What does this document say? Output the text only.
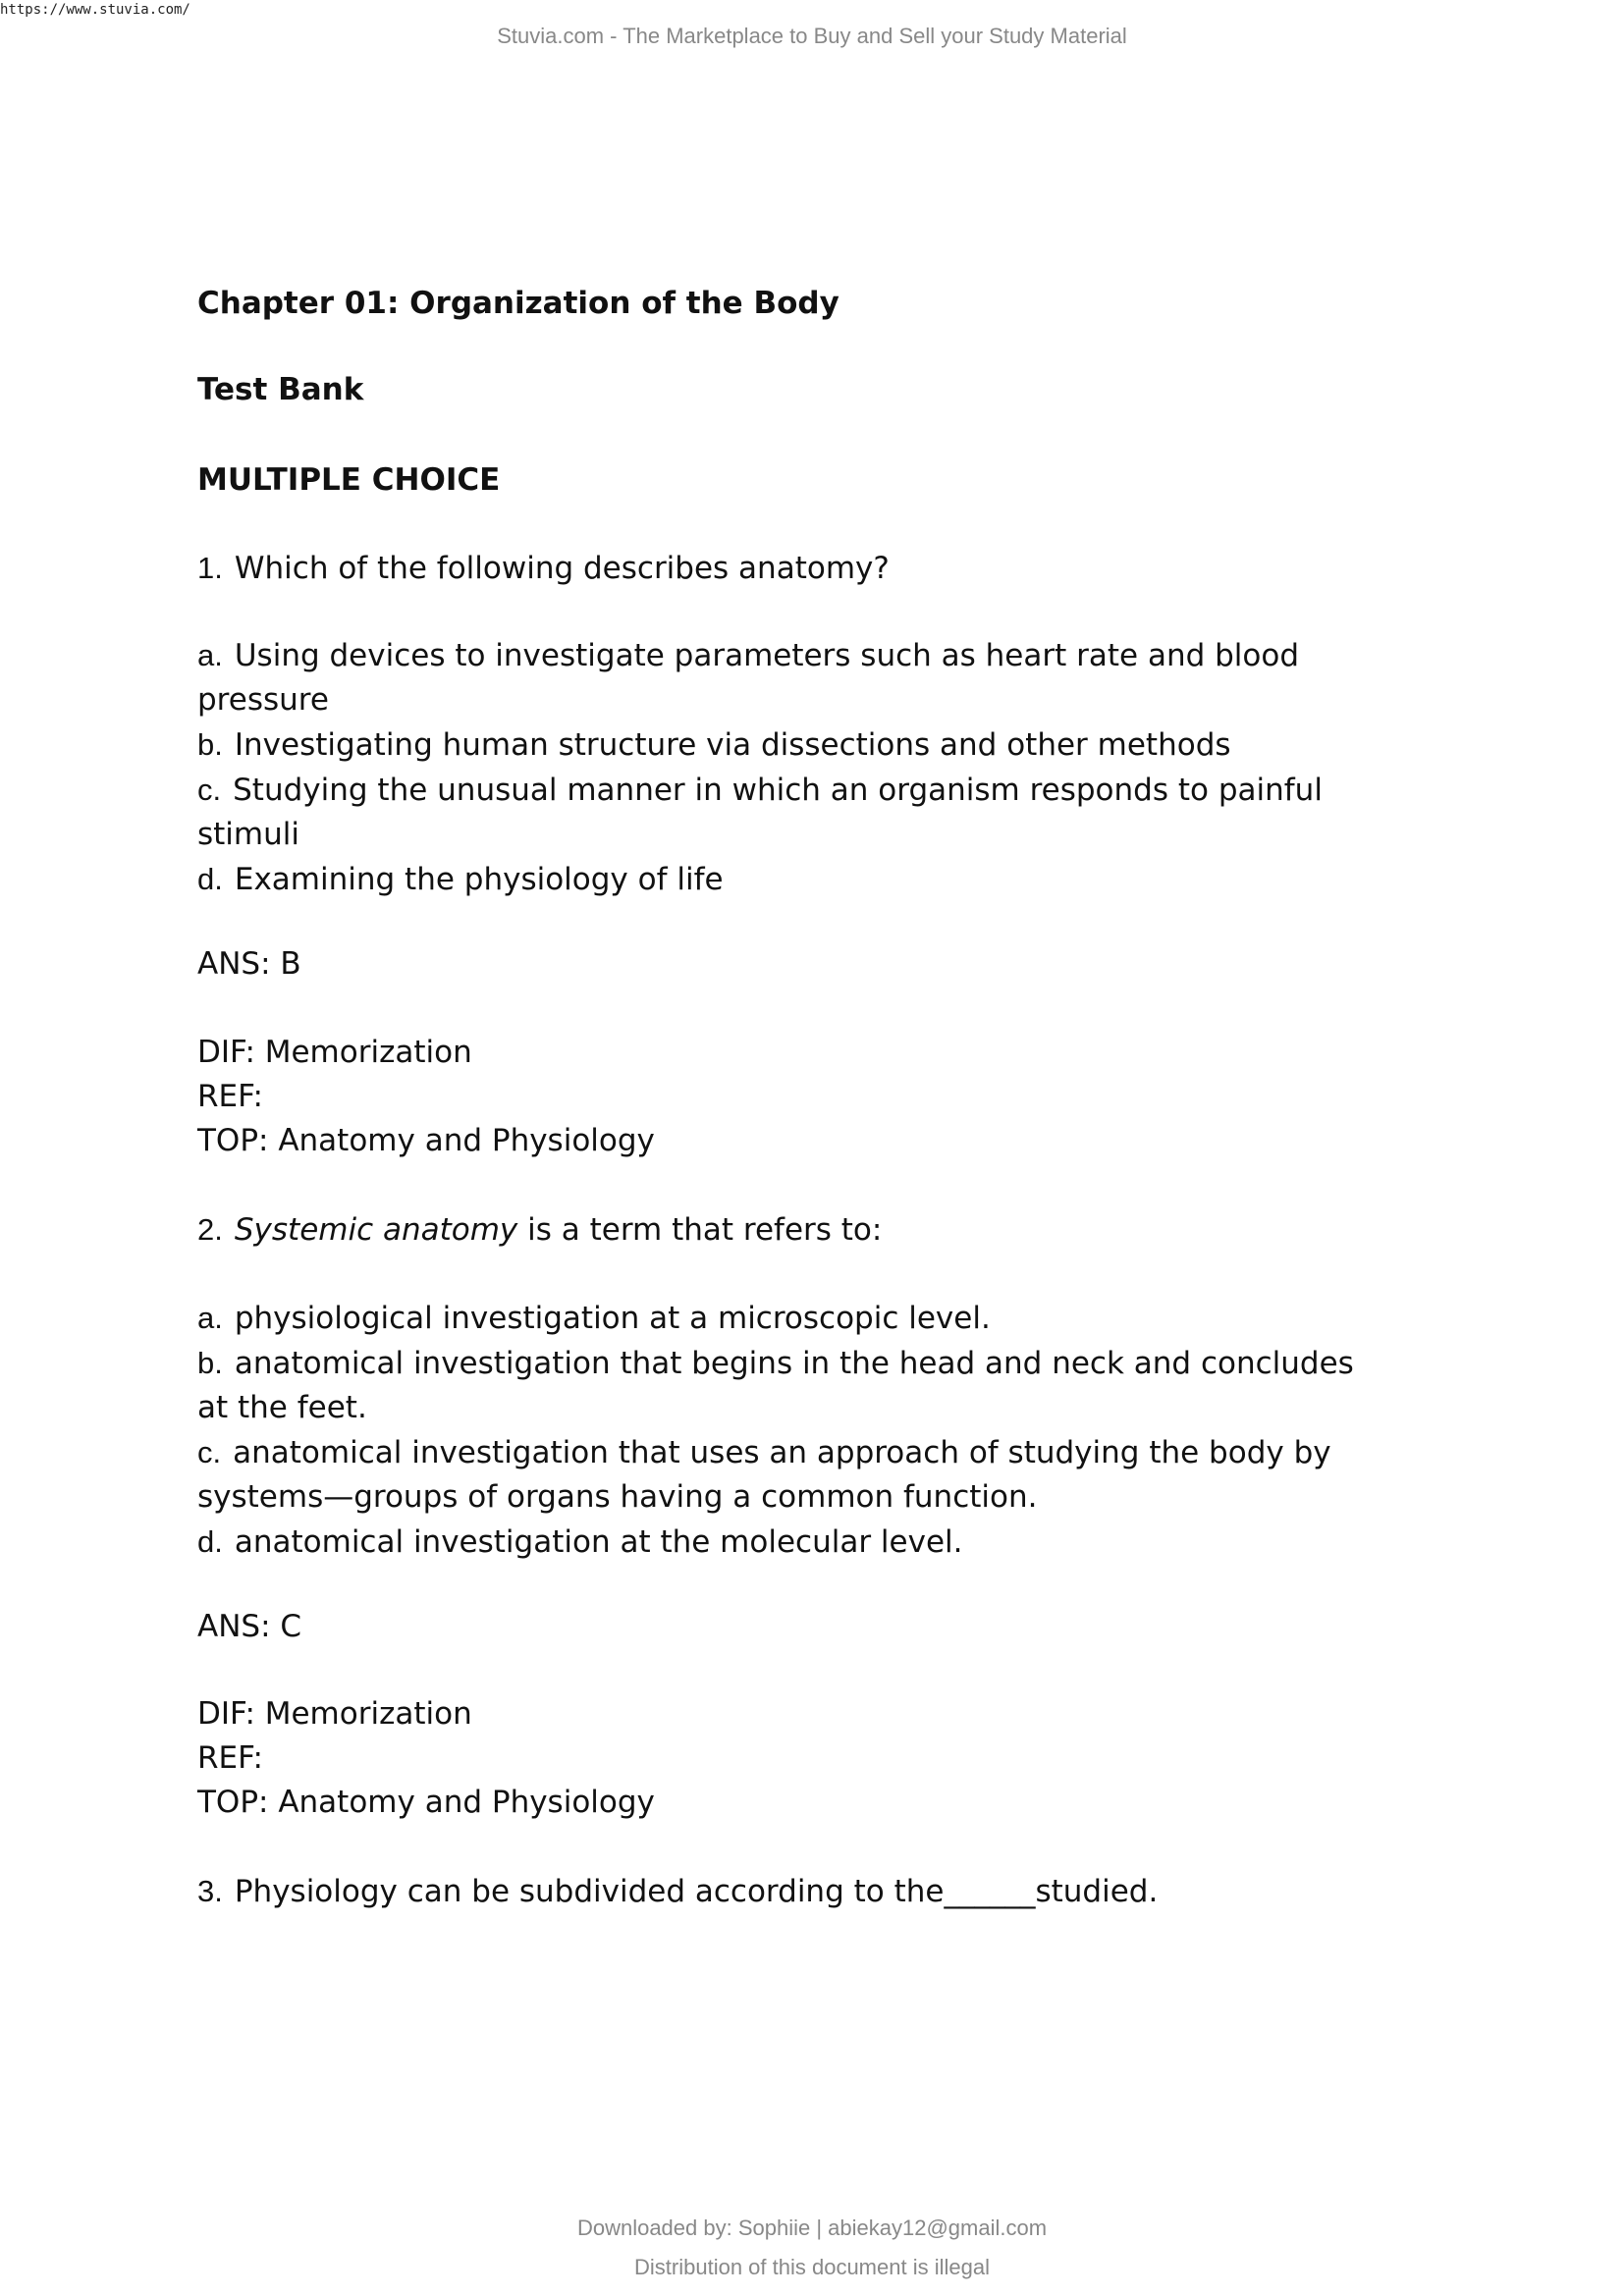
https://www.stuvia.com/
Stuvia.com - The Marketplace to Buy and Sell your Study Material
Chapter 01: Organization of the Body
Test Bank
MULTIPLE CHOICE
1. Which of the following describes anatomy?
a. Using devices to investigate parameters such as heart rate and blood
pressure
b. Investigating human structure via dissections and other methods
c. Studying the unusual manner in which an organism responds to painful
stimuli
d. Examining the physiology of life
ANS: B
DIF: Memorization
REF:
TOP: Anatomy and Physiology
2. Systemic anatomy is a term that refers to:
a. physiological investigation at a microscopic level.
b. anatomical investigation that begins in the head and neck and concludes
at the feet.
c. anatomical investigation that uses an approach of studying the body by
systems—groups of organs having a common function.
d. anatomical investigation at the molecular level.
ANS: C
DIF: Memorization
REF:
TOP: Anatomy and Physiology
3. Physiology can be subdivided according to the______studied.
Downloaded by: Sophiie | abiekay12@gmail.com
Distribution of this document is illegal
